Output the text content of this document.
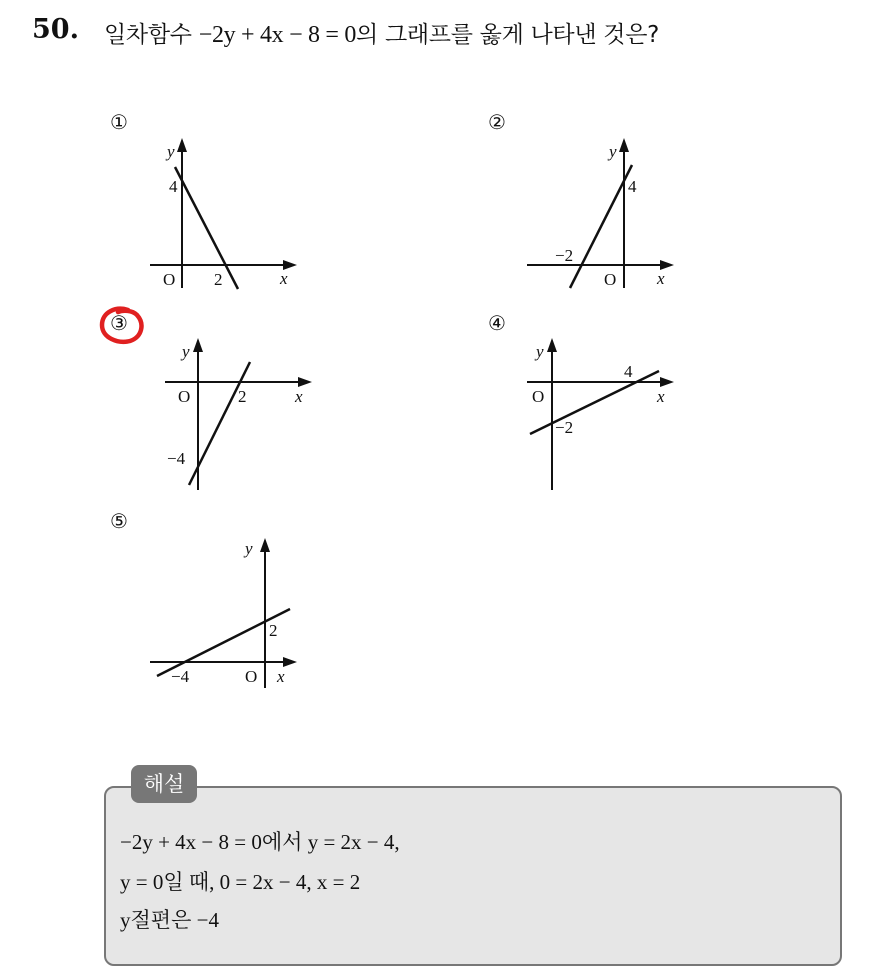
50. 일차함수 −2y + 4x − 8 = 0의 그래프를 옳게 나타낸 것은?
①	②
③	④
⑤
y
x
O
4
2
y
x
O
4
−2
y
x
O	2
−4
y
x
O
4
−2
y
x
O
2
−4
해설
−2y + 4x − 8 = 0에서 y = 2x − 4,
y = 0일 때, 0 = 2x − 4, x = 2
y절편은 −4
